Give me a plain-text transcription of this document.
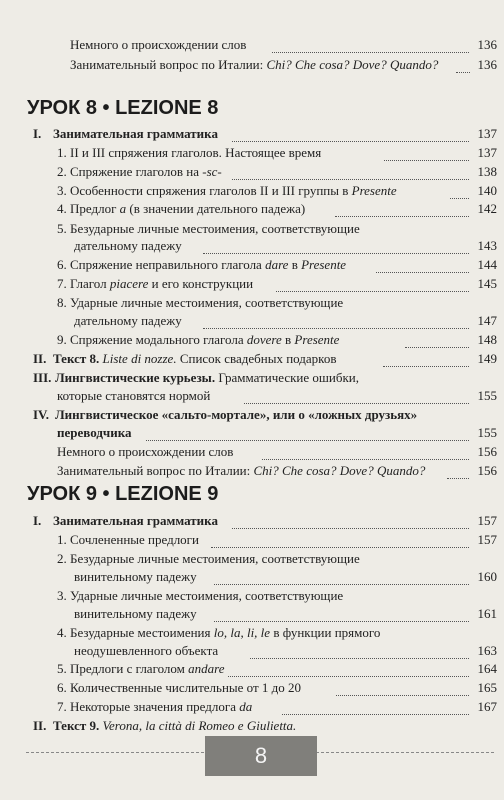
Немного о происхождении слов	136
Занимательный вопрос по Италии: Chi? Che cosa? Dove? Quando?	136
УРОК 8 • LEZIONE 8
I. Занимательная грамматика	137
1. II и III спряжения глаголов. Настоящее время	137
2. Спряжение глаголов на -sc-	138
3. Особенности спряжения глаголов II и III группы в Presente	140
4. Предлог a (в значении дательного падежа)	142
5. Безударные личные местоимения, соответствующие
дательному падежу	143
6. Спряжение неправильного глагола dare в Presente	144
7. Глагол piacere и его конструкции	145
8. Ударные личные местоимения, соответствующие
дательному падежу	147
9. Спряжение модального глагола dovere в Presente	148
II. Текст 8. Liste di nozze. Список свадебных подарков	149
III. Лингвистические курьезы. Грамматические ошибки,
которые становятся нормой	155
IV. Лингвистическое «сальто-мортале», или о «ложных друзьях»
переводчика	155
Немного о происхождении слов	156
Занимательный вопрос по Италии: Chi? Che cosa? Dove? Quando?	156
УРОК 9 • LEZIONE 9
I. Занимательная грамматика	157
1. Сочлененные предлоги	157
2. Безударные личные местоимения, соответствующие
винительному падежу	160
3. Ударные личные местоимения, соответствующие
винительному падежу	161
4. Безударные местоимения lo, la, li, le в функции прямого
неодушевленного объекта	163
5. Предлоги с глаголом andare	164
6. Количественные числительные от 1 до 20	165
7. Некоторые значения предлога da	167
II. Текст 9. Verona, la città di Romeo e Giulietta.
8
